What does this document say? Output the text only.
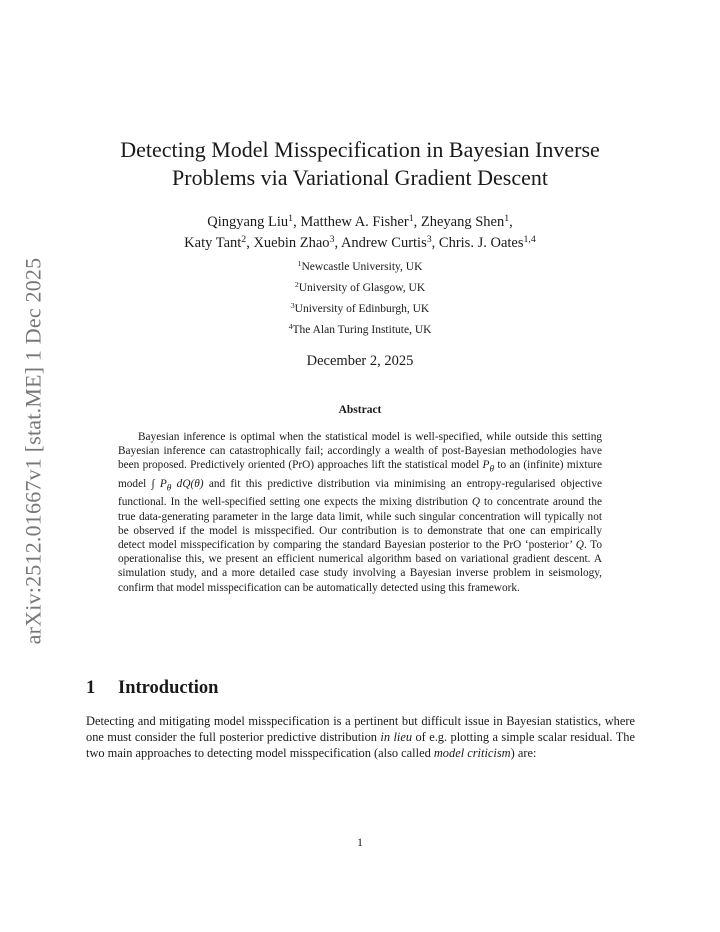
arXiv:2512.01667v1 [stat.ME] 1 Dec 2025
Detecting Model Misspecification in Bayesian Inverse
Problems via Variational Gradient Descent
Qingyang Liu$^1$, Matthew A. Fisher$^1$, Zheyang Shen$^1$,
Katy Tant$^2$, Xuebin Zhao$^3$, Andrew Curtis$^3$, Chris. J. Oates$^{1,4}$
$^1$Newcastle University, UK
$^2$University of Glasgow, UK
$^3$University of Edinburgh, UK
$^4$The Alan Turing Institute, UK
December 2, 2025
Abstract

Bayesian inference is optimal when the statistical model is well-specified, while outside this setting Bayesian inference can catastrophically fail; accordingly a wealth of post-Bayesian methodologies have been proposed. Predictively oriented (PrO) approaches lift the statistical model $P_\theta$ to an (infinite) mixture model ∫ $P_\theta$ dQ(θ) and fit this predictive distribution via minimising an entropy-regularised objective functional. In the well-specified setting one expects the mixing distribution Q to concentrate around the true data-generating parameter in the large data limit, while such singular concentration will typically not be observed if the model is misspecified. Our contribution is to demonstrate that one can empirically detect model misspecification by comparing the standard Bayesian posterior to the PrO ‘posterior’ Q. To operationalise this, we present an efficient numerical algorithm based on variational gradient descent. A simulation study, and a more detailed case study involving a Bayesian inverse problem in seismology, confirm that model misspecification can be automatically detected using this framework.

1 Introduction

Detecting and mitigating model misspecification is a pertinent but difficult issue in Bayesian statistics, where one must consider the full posterior predictive distribution in lieu of e.g. plotting a simple scalar residual. The two main approaches to detecting model misspecification (also called model criticism) are:

1
